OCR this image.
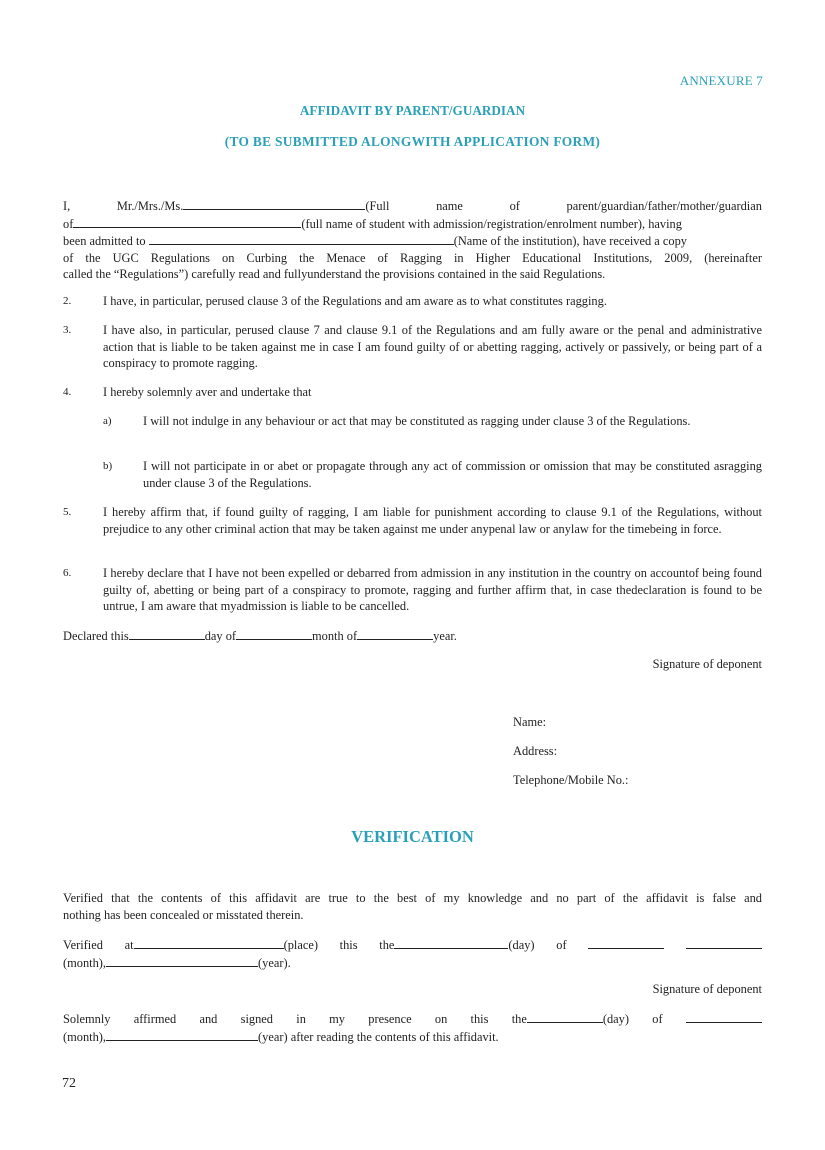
ANNEXURE 7
AFFIDAVIT BY PARENT/GUARDIAN
(TO BE SUBMITTED ALONGWITH APPLICATION FORM)
I,	Mr./Mrs./Ms.	(Full	name	of	parent/guardian/father/mother/guardian
of	(full name of student with admission/registration/enrolment number), having
been admitted to	(Name of the institution), have received a copy
of the UGC Regulations on Curbing the Menace of Ragging in Higher Educational Institutions, 2009, (hereinafter
called the “Regulations”) carefully read and fullyunderstand the provisions contained in the said Regulations.
2.	I have, in particular, perused clause 3 of the Regulations and am aware as to what constitutes ragging.
3.	I have also, in particular, perused clause 7 and clause 9.1 of the Regulations and am fully aware or the penal and administrative action that is liable to be taken against me in case I am found guilty of or abetting ragging, actively or passively, or being part of a conspiracy to promote ragging.
4.	I hereby solemnly aver and undertake that
a)	I will not indulge in any behaviour or act that may be constituted as ragging under clause 3 of the Regulations.
b) I will not participate in or abet or propagate through any act of commission or omission that may be constituted asragging under clause 3 of the Regulations.
5.	I hereby affirm that, if found guilty of ragging, I am liable for punishment according to clause 9.1 of the Regulations, without prejudice to any other criminal action that may be taken against me under anypenal law or anylaw for the timebeing in force.
6.	I hereby declare that I have not been expelled or debarred from admission in any institution in the country on accountof being found guilty of, abetting or being part of a conspiracy to promote, ragging and further affirm that, in case thedeclaration is found to be untrue, I am aware that myadmission is liable to be cancelled.
Declared this	day of	month of	year.
Signature of deponent
Name:
Address:
Telephone/Mobile No.:
VERIFICATION
Verified that the contents of this affidavit are true to the best of my knowledge and no part of the affidavit is false and
nothing has been concealed or misstated therein.
Verified at	(place) this the	(day) of
(month),	(year).
Signature of deponent
Solemnly affirmed and signed in my presence on this the	(day) of
(month),	(year) after reading the contents of this affidavit.
72
